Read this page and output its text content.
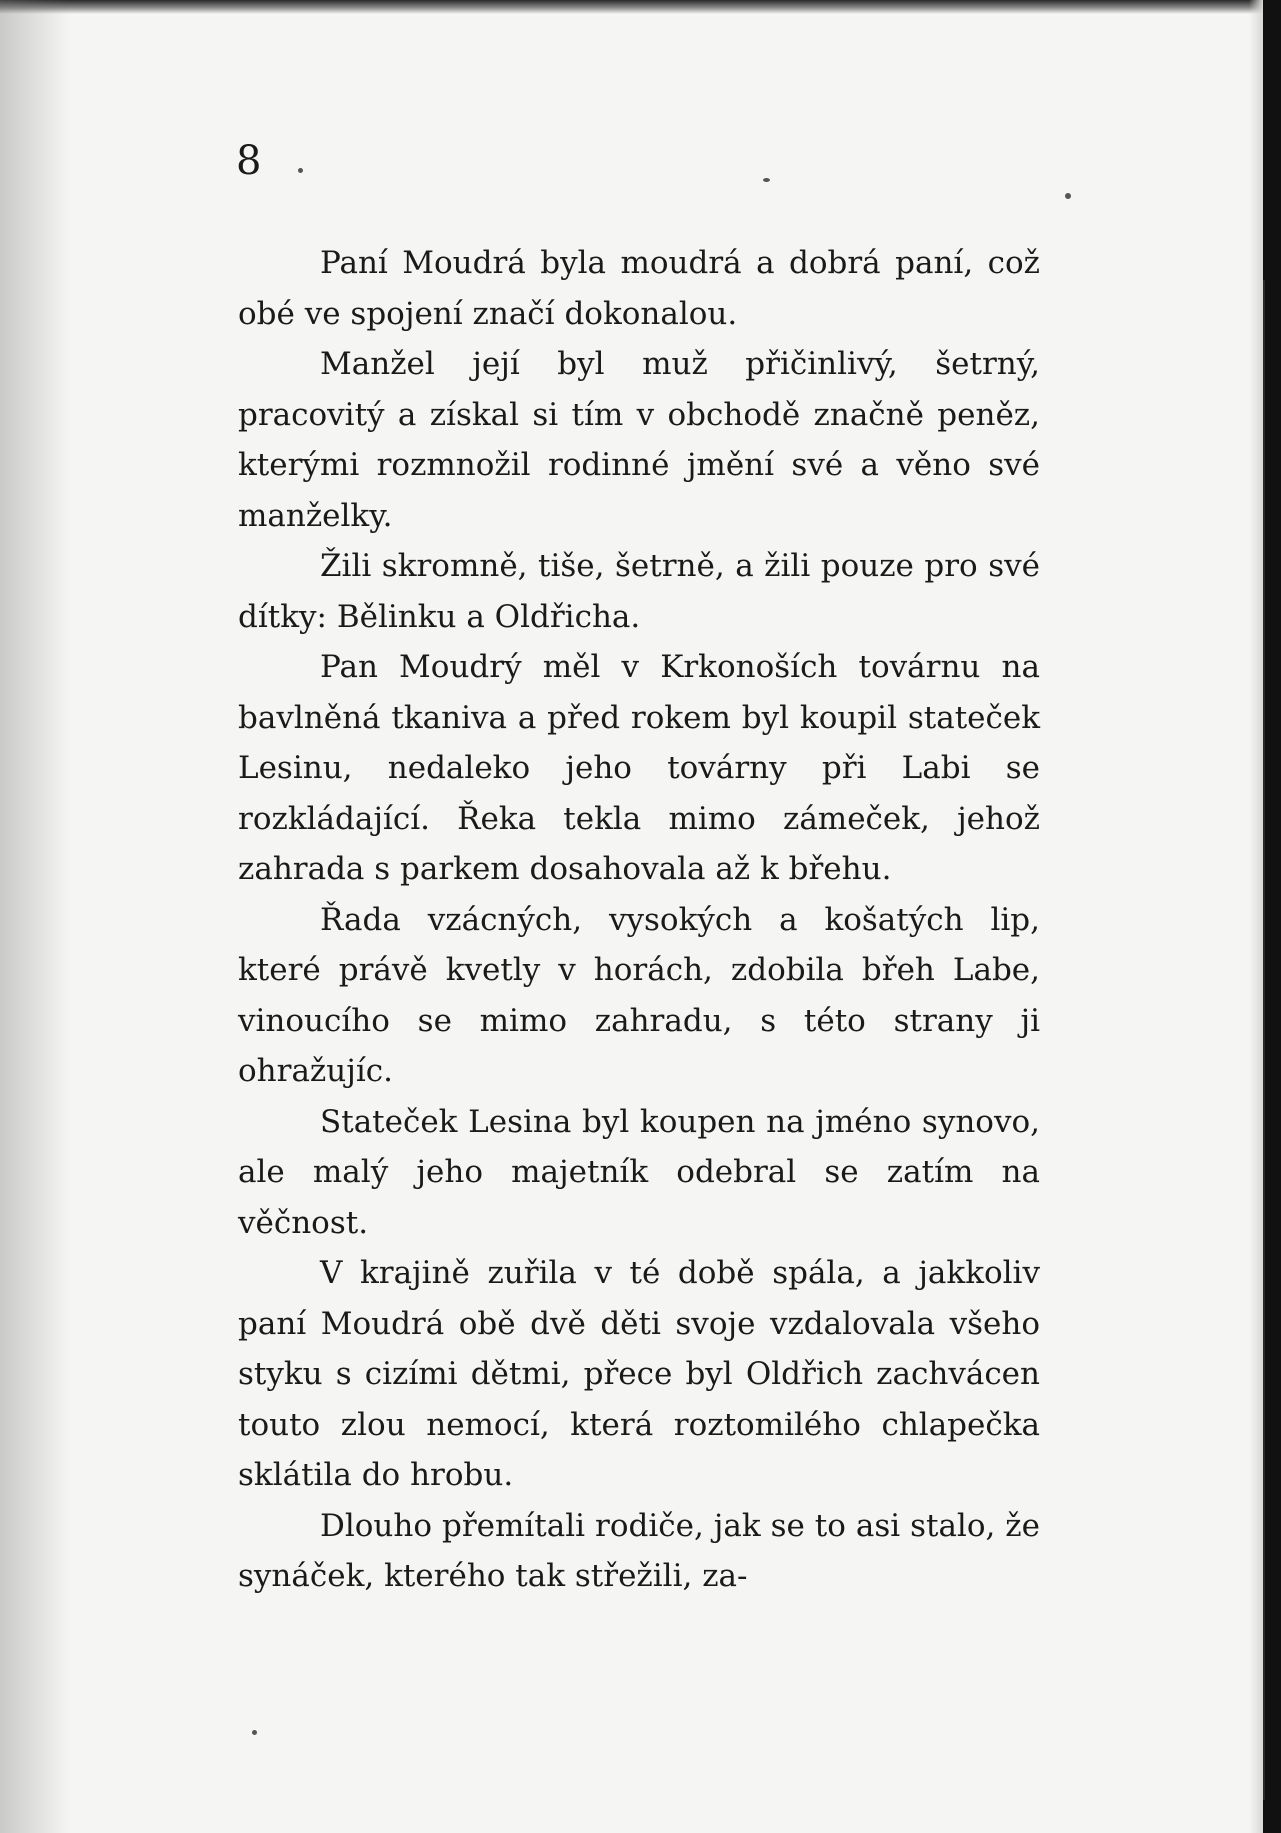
8

Paní Moudrá byla moudrá a dobrá paní, což obé ve spojení značí dokonalou.

Manžel její byl muž přičinlivý, šetrný, pracovitý a získal si tím v obchodě značně peněz, kterými rozmnožil rodinné jmění své a věno své manželky.

Žili skromně, tiše, šetrně, a žili pouze pro své dítky: Bělinku a Oldřicha.

Pan Moudrý měl v Krkonoších továrnu na bavlněná tkaniva a před rokem byl koupil stateček Lesinu, nedaleko jeho továrny při Labi se rozkládající. Řeka tekla mimo zámeček, jehož zahrada s parkem dosahovala až k břehu.

Řada vzácných, vysokých a košatých lip, které právě kvetly v horách, zdobila břeh Labe, vinoucího se mimo zahradu, s této strany ji ohražujíc.

Stateček Lesina byl koupen na jméno synovo, ale malý jeho majetník odebral se zatím na věčnost.

V krajině zuřila v té době spála, a jakkoliv paní Moudrá obě dvě děti svoje vzdalovala všeho styku s cizími dětmi, přece byl Oldřich zachvácen touto zlou nemocí, která roztomilého chlapečka sklátila do hrobu.

Dlouho přemítali rodiče, jak se to asi stalo, že synáček, kterého tak střežili, za-
